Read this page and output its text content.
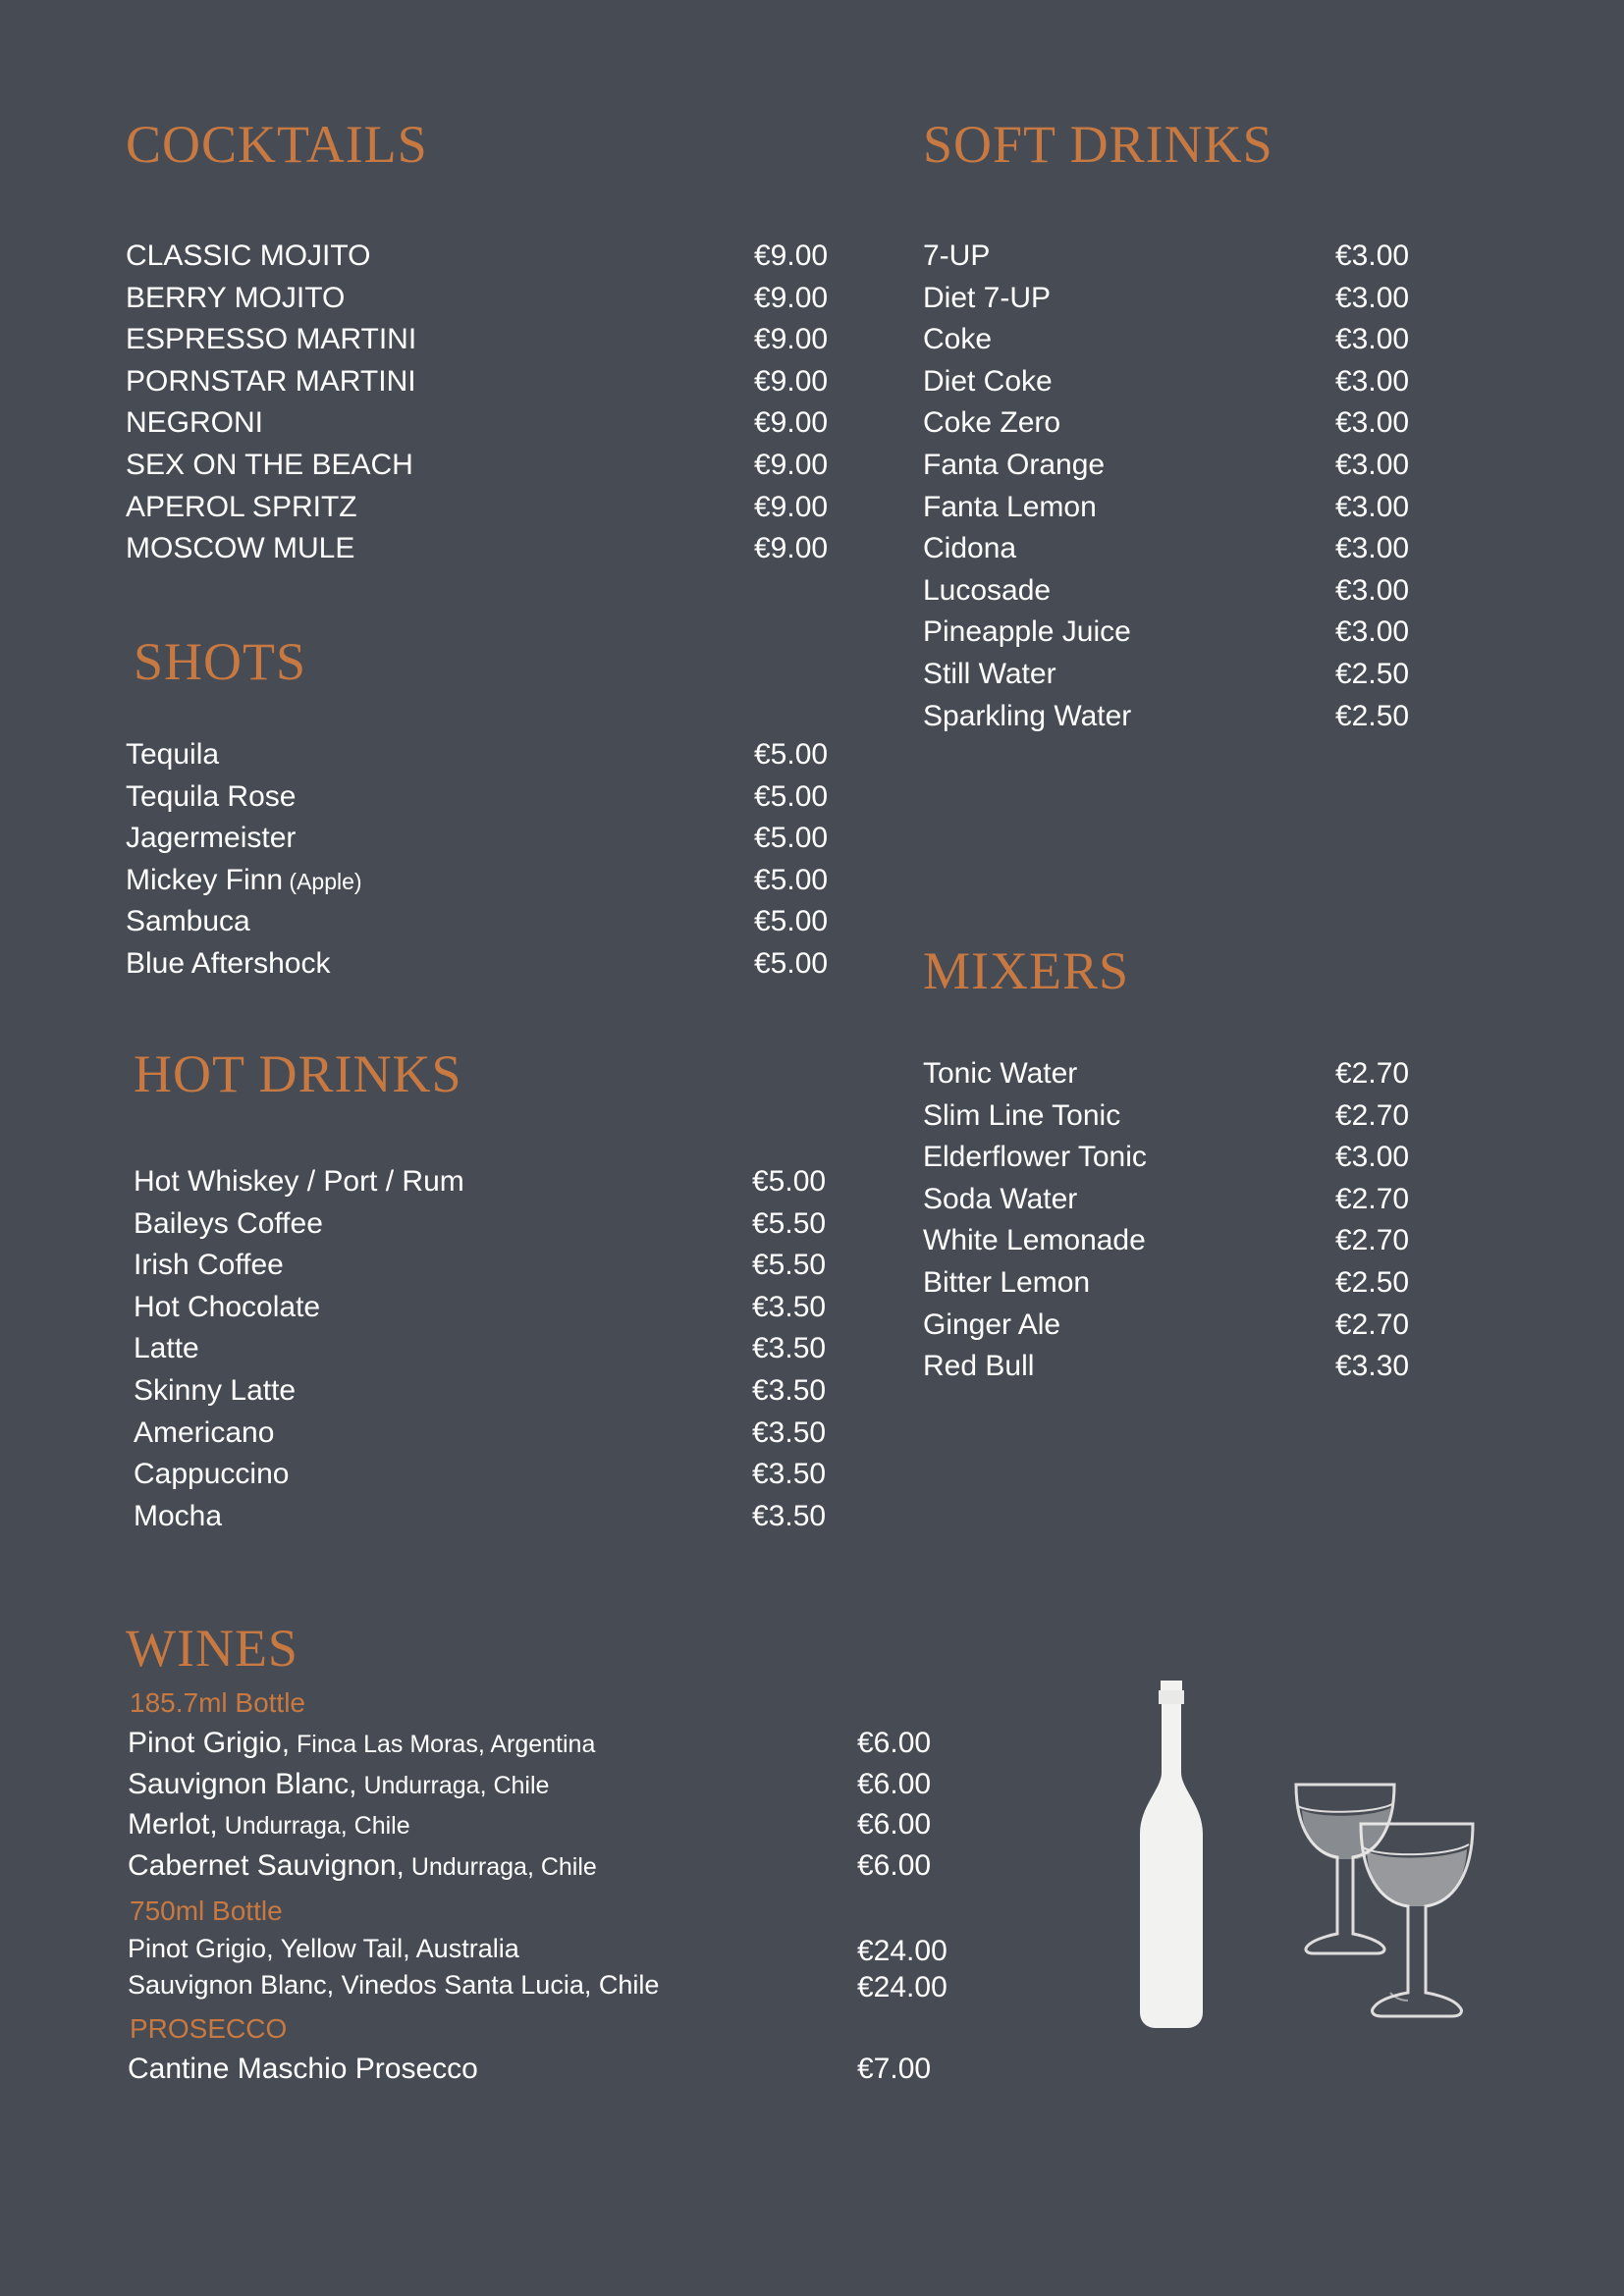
COCKTAILS
CLASSIC MOJITO	€9.00
BERRY MOJITO	€9.00
ESPRESSO MARTINI	€9.00
PORNSTAR MARTINI	€9.00
NEGRONI	€9.00
SEX ON THE BEACH	€9.00
APEROL SPRITZ	€9.00
MOSCOW MULE	€9.00
SHOTS
Tequila	€5.00
Tequila Rose	€5.00
Jagermeister	€5.00
Mickey Finn (Apple)	€5.00
Sambuca	€5.00
Blue Aftershock	€5.00
HOT DRINKS
Hot Whiskey / Port / Rum	€5.00
Baileys Coffee	€5.50
Irish Coffee	€5.50
Hot Chocolate	€3.50
Latte	€3.50
Skinny Latte	€3.50
Americano	€3.50
Cappuccino	€3.50
Mocha	€3.50
SOFT DRINKS
7-UP	€3.00
Diet 7-UP	€3.00
Coke	€3.00
Diet Coke	€3.00
Coke Zero	€3.00
Fanta Orange	€3.00
Fanta Lemon	€3.00
Cidona	€3.00
Lucosade	€3.00
Pineapple Juice	€3.00
Still Water	€2.50
Sparkling Water	€2.50
MIXERS
Tonic Water	€2.70
Slim Line Tonic	€2.70
Elderflower Tonic	€3.00
Soda Water	€2.70
White Lemonade	€2.70
Bitter Lemon	€2.50
Ginger Ale	€2.70
Red Bull	€3.30
WINES
185.7ml Bottle
Pinot Grigio, Finca Las Moras, Argentina	€6.00
Sauvignon Blanc, Undurraga, Chile	€6.00
Merlot, Undurraga, Chile	€6.00
Cabernet Sauvignon, Undurraga, Chile	€6.00
750ml Bottle
Pinot Grigio, Yellow Tail, Australia	€24.00
Sauvignon Blanc, Vinedos Santa Lucia, Chile	€24.00
PROSECCO
Cantine Maschio Prosecco	€7.00
